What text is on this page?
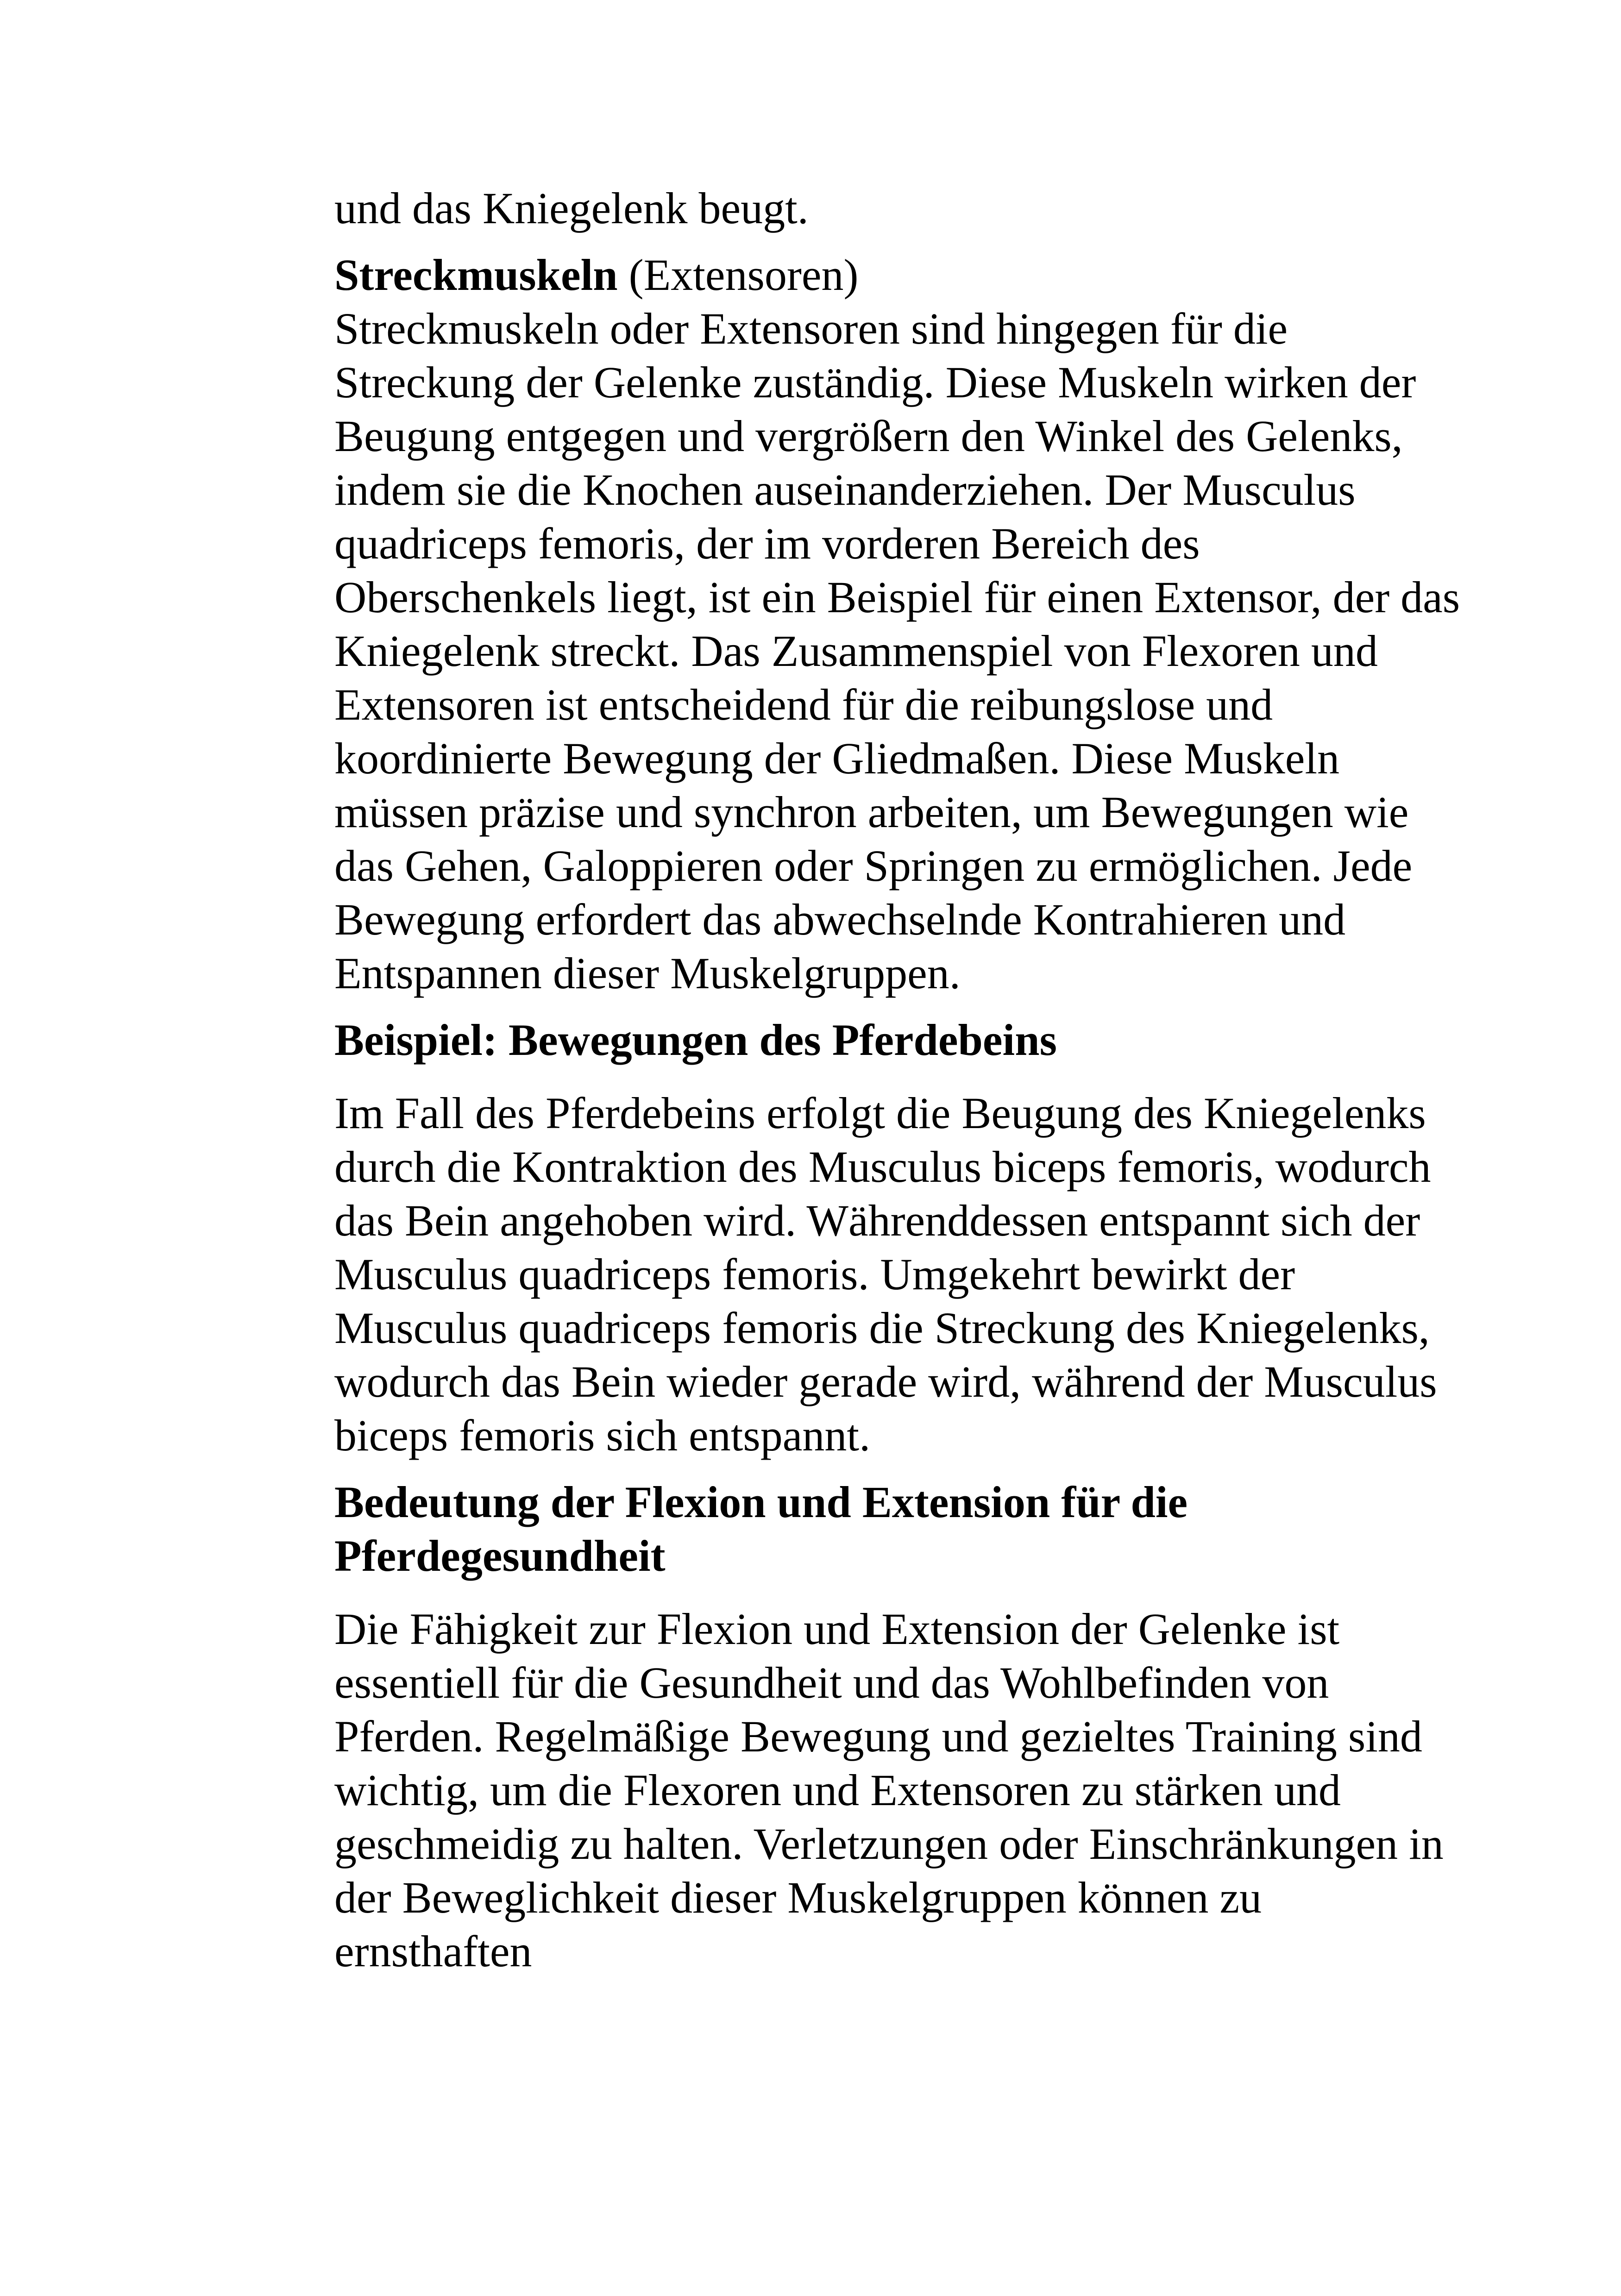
und das Kniegelenk beugt.

Streckmuskeln (Extensoren)

Streckmuskeln oder Extensoren sind hingegen für die Streckung der Gelenke zuständig. Diese Muskeln wirken der Beugung entgegen und vergrößern den Winkel des Gelenks, indem sie die Knochen auseinanderziehen. Der Musculus quadriceps femoris, der im vorderen Bereich des Oberschenkels liegt, ist ein Beispiel für einen Extensor, der das Kniegelenk streckt. Das Zusammenspiel von Flexoren und Extensoren ist entscheidend für die reibungslose und koordinierte Bewegung der Gliedmaßen. Diese Muskeln müssen präzise und synchron arbeiten, um Bewegungen wie das Gehen, Galoppieren oder Springen zu ermöglichen. Jede Bewegung erfordert das abwechselnde Kontrahieren und Entspannen dieser Muskelgruppen.

Beispiel: Bewegungen des Pferdebeins

Im Fall des Pferdebeins erfolgt die Beugung des Kniegelenks durch die Kontraktion des Musculus biceps femoris, wodurch das Bein angehoben wird. Währenddessen entspannt sich der Musculus quadriceps femoris. Umgekehrt bewirkt der Musculus quadriceps femoris die Streckung des Kniegelenks, wodurch das Bein wieder gerade wird, während der Musculus biceps femoris sich entspannt.

Bedeutung der Flexion und Extension für die Pferdegesundheit

Die Fähigkeit zur Flexion und Extension der Gelenke ist essentiell für die Gesundheit und das Wohlbefinden von Pferden. Regelmäßige Bewegung und gezieltes Training sind wichtig, um die Flexoren und Extensoren zu stärken und geschmeidig zu halten. Verletzungen oder Einschränkungen in der Beweglichkeit dieser Muskelgruppen können zu ernsthaften
